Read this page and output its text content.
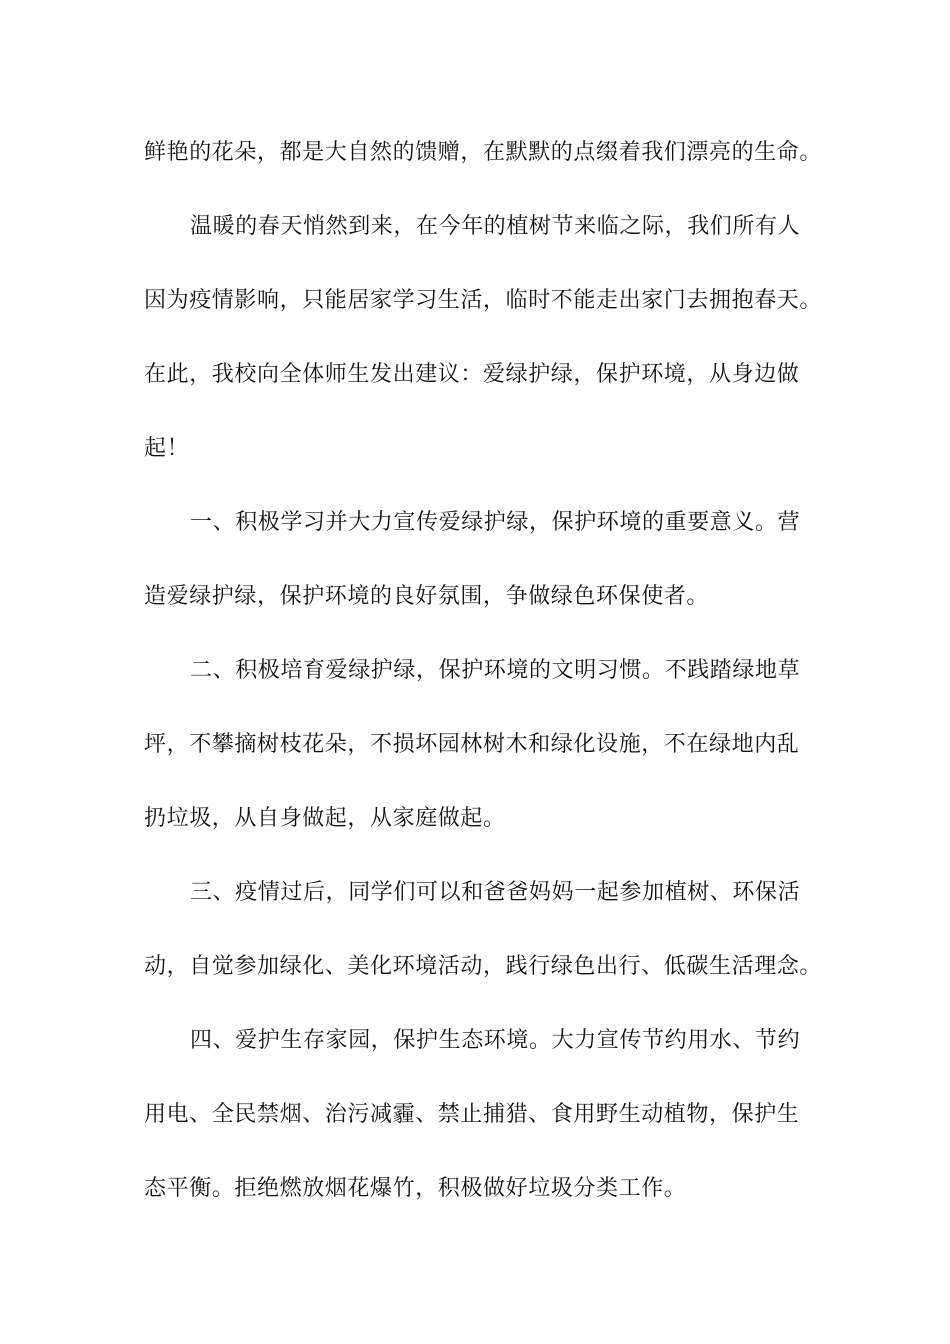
鲜艳的花朵，都是大自然的馈赠，在默默的点缀着我们漂亮的生命。
温暖的春天悄然到来，在今年的植树节来临之际，我们所有人
因为疫情影响，只能居家学习生活，临时不能走出家门去拥抱春天。
在此，我校向全体师生发出建议：爱绿护绿，保护环境，从身边做
起！
一、积极学习并大力宣传爱绿护绿，保护环境的重要意义。营
造爱绿护绿，保护环境的良好氛围，争做绿色环保使者。
二、积极培育爱绿护绿，保护环境的文明习惯。不践踏绿地草
坪，不攀摘树枝花朵，不损坏园林树木和绿化设施，不在绿地内乱
扔垃圾，从自身做起，从家庭做起。
三、疫情过后，同学们可以和爸爸妈妈一起参加植树、环保活
动，自觉参加绿化、美化环境活动，践行绿色出行、低碳生活理念。
四、爱护生存家园，保护生态环境。大力宣传节约用水、节约
用电、全民禁烟、治污减霾、禁止捕猎、食用野生动植物，保护生
态平衡。拒绝燃放烟花爆竹，积极做好垃圾分类工作。
